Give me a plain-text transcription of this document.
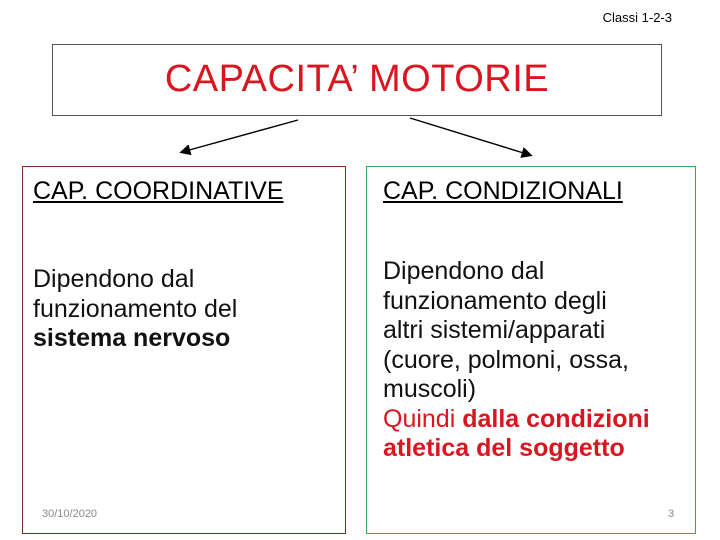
Classi 1-2-3
CAPACITA’ MOTORIE
CAP. COORDINATIVE
Dipendono dal
funzionamento del
sistema nervoso
CAP. CONDIZIONALI
Dipendono dal
funzionamento degli
altri sistemi/apparati
(cuore, polmoni, ossa,
muscoli)
Quindi dalla condizioni
atletica del soggetto
30/10/2020	3
